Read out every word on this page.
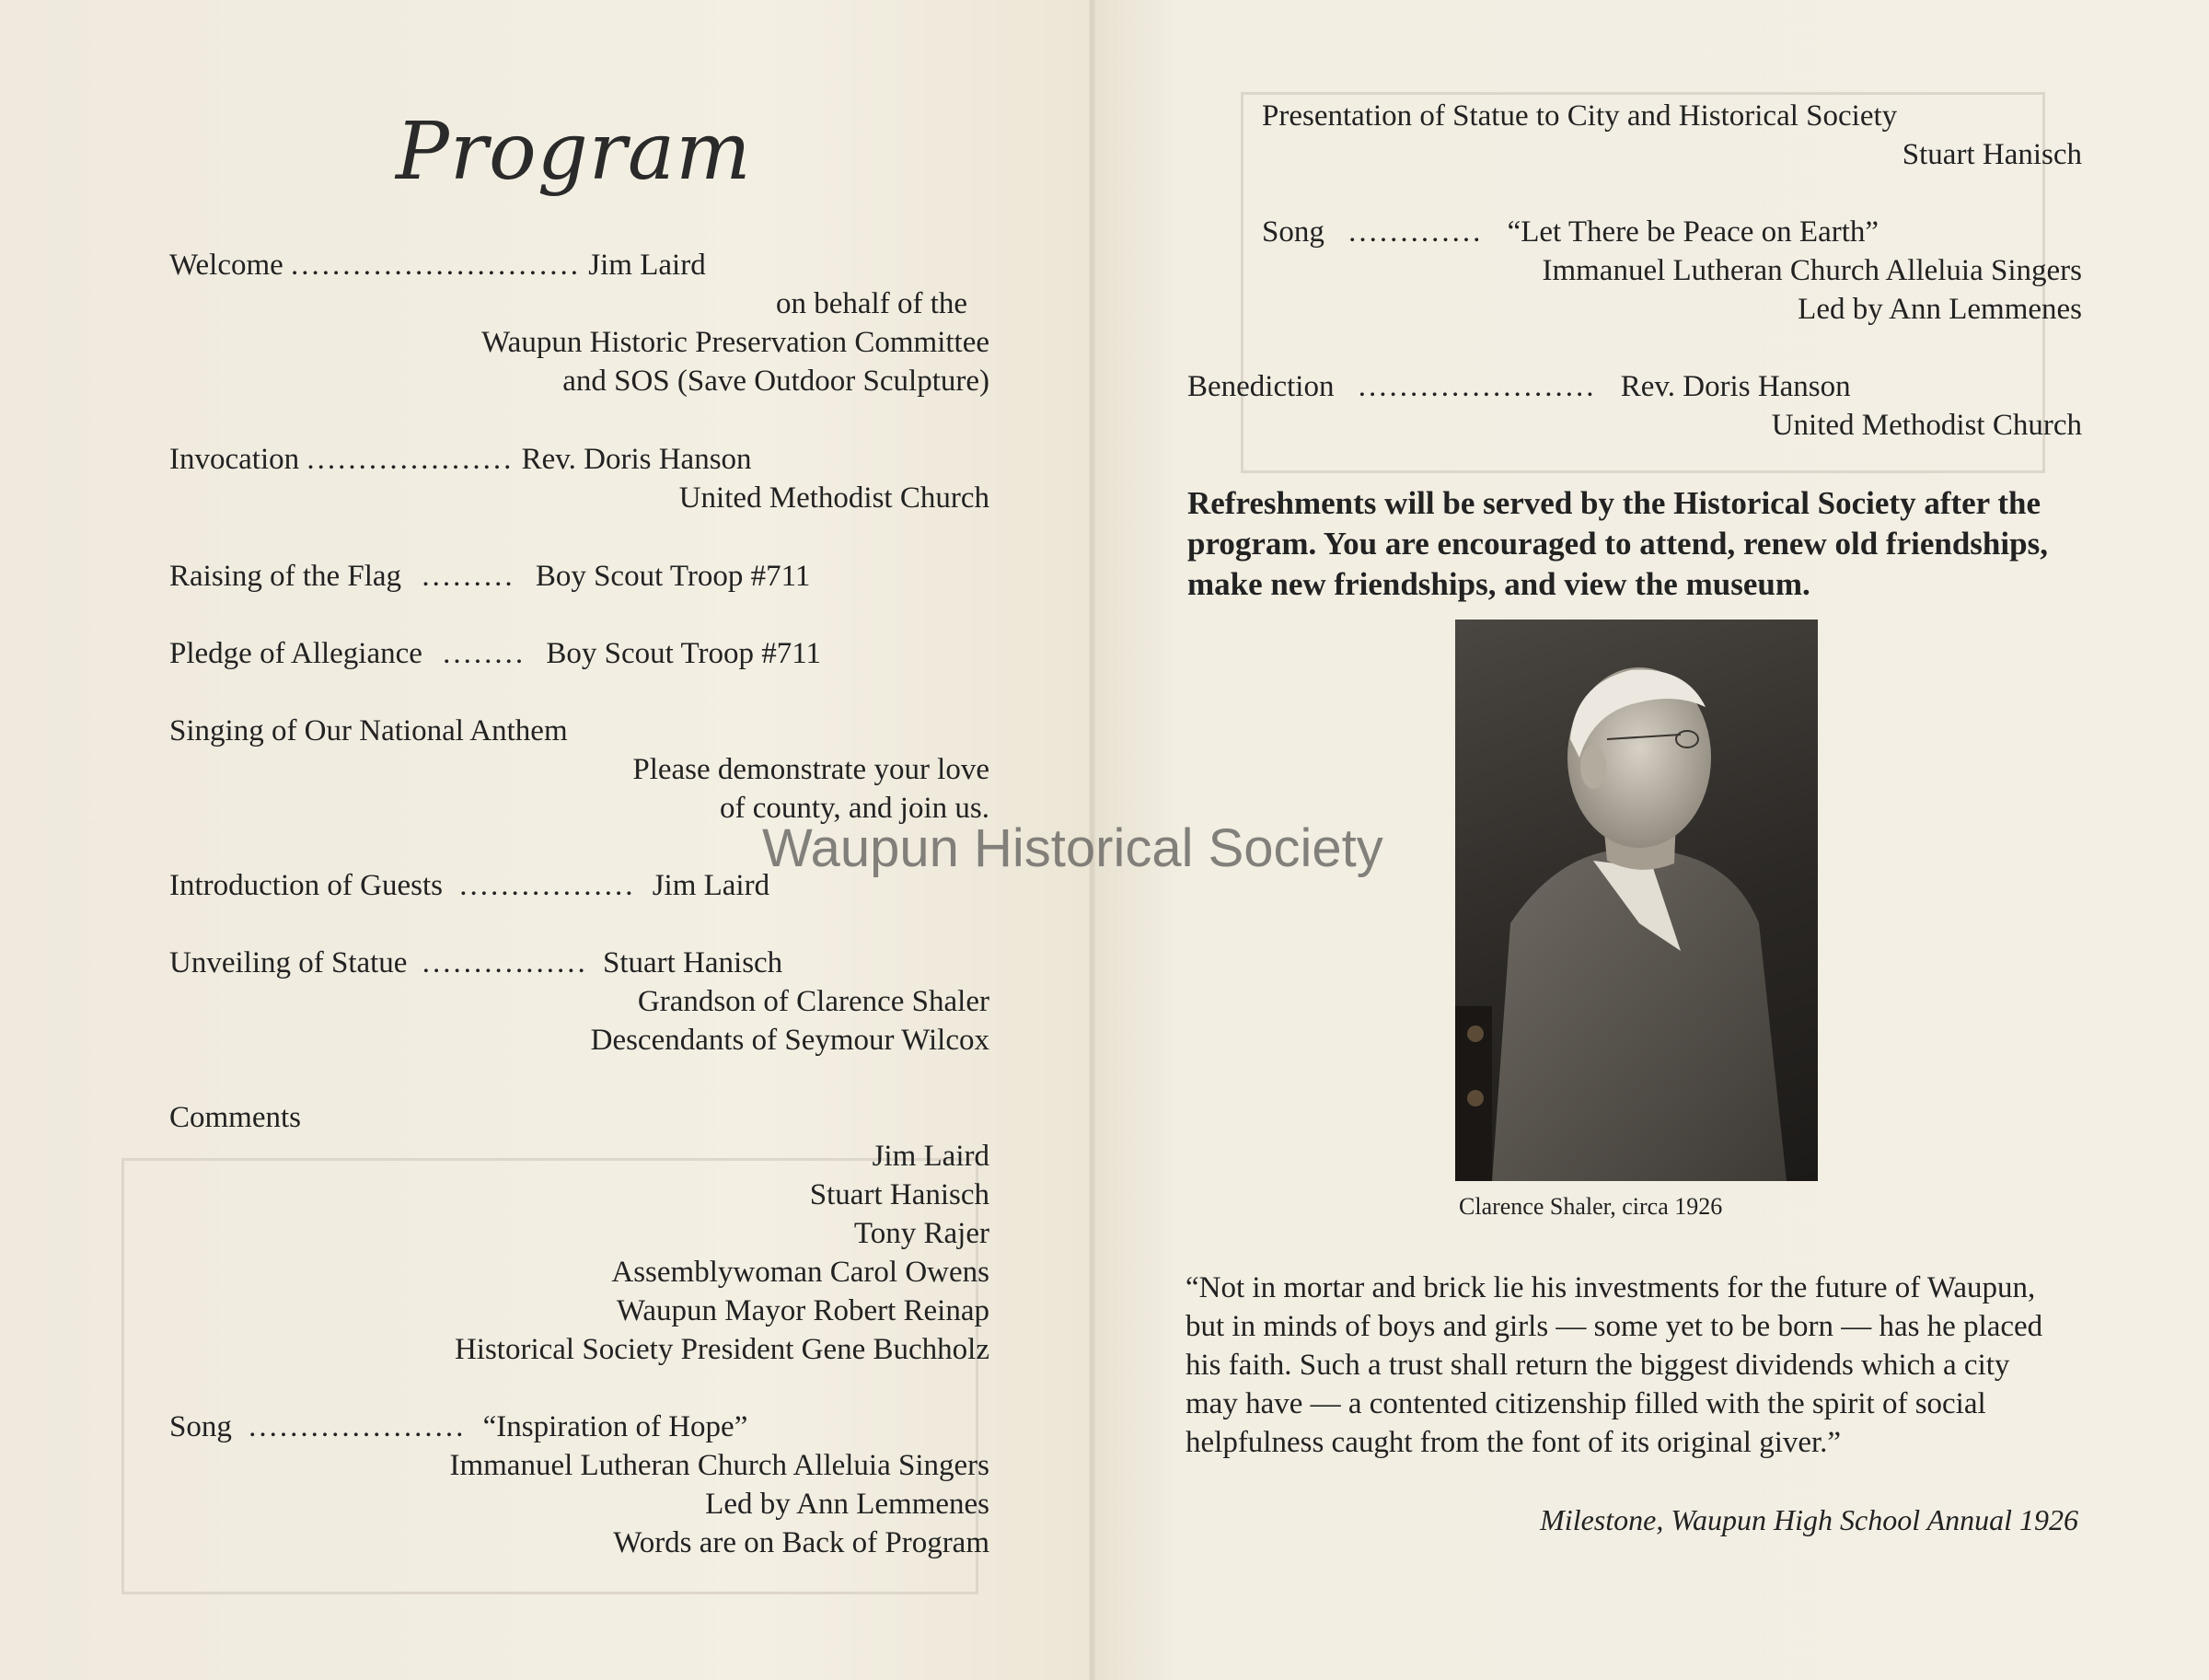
Program
Welcome ............................ Jim Laird
on behalf of the
Waupun Historic Preservation Committee
and SOS (Save Outdoor Sculpture)
Invocation .................... Rev. Doris Hanson
United Methodist Church
Raising of the Flag ......... Boy Scout Troop #711
Pledge of Allegiance ........ Boy Scout Troop #711
Singing of Our National Anthem
Please demonstrate your love
of county, and join us.
Introduction of Guests ................. Jim Laird
Unveiling of Statue ................ Stuart Hanisch
Grandson of Clarence Shaler
Descendants of Seymour Wilcox
Comments
Jim Laird
Stuart Hanisch
Tony Rajer
Assemblywoman Carol Owens
Waupun Mayor Robert Reinap
Historical Society President Gene Buchholz
Song ..................... “Inspiration of Hope”
Immanuel Lutheran Church Alleluia Singers
Led by Ann Lemmenes
Words are on Back of Program
Presentation of Statue to City and Historical Society
Stuart Hanisch
Song ............. “Let There be Peace on Earth”
Immanuel Lutheran Church Alleluia Singers
Led by Ann Lemmenes
Benediction ....................... Rev. Doris Hanson
United Methodist Church
Refreshments will be served by the Historical Society after the program. You are encouraged to attend, renew old friendships, make new friendships, and view the museum.
Clarence Shaler, circa 1926
“Not in mortar and brick lie his investments for the future of Waupun, but in minds of boys and girls — some yet to be born — has he placed his faith. Such a trust shall return the biggest dividends which a city may have — a contented citizenship filled with the spirit of social helpfulness caught from the font of its original giver.”
Milestone, Waupun High School Annual 1926
Waupun Historical Society
